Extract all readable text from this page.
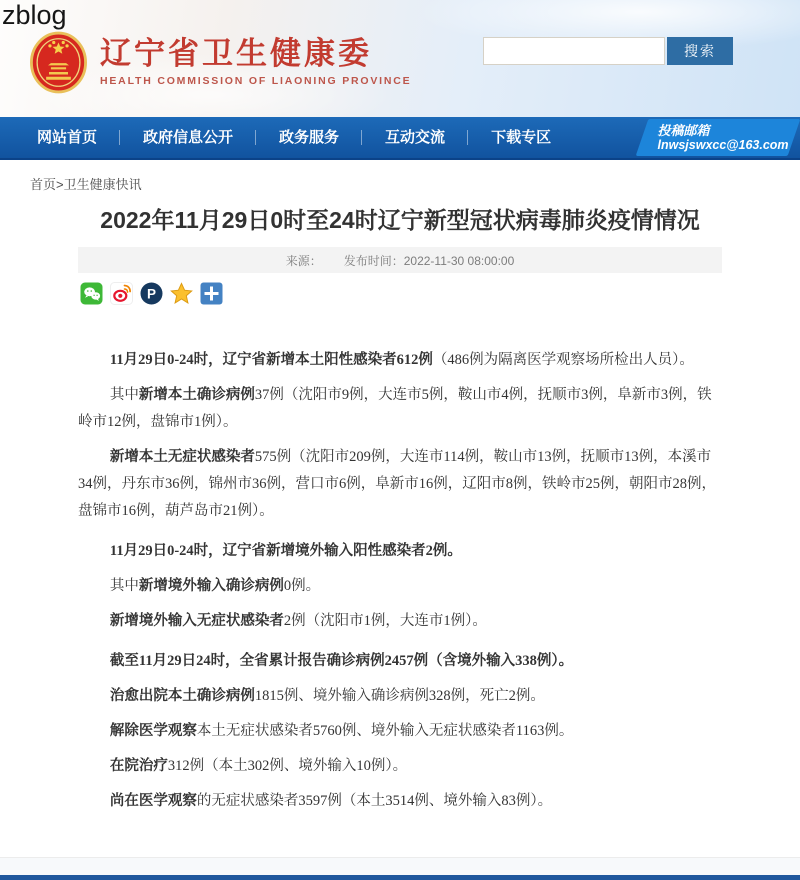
zblog
辽宁省卫生健康委
HEALTH COMMISSION OF LIAONING PROVINCE
搜索
网站首页	政府信息公开	政务服务	互动交流	下载专区	投稿邮箱
lnwsjswxcc@163.com
首页>卫生健康快讯
2022年11月29日0时至24时辽宁新型冠状病毒肺炎疫情情况
来源： 发布时间：2022-11-30 08:00:00
P

11月29日0-24时，辽宁省新增本土阳性感染者612例（486例为隔离医学观察场所检出人员）。

其中新增本土确诊病例37例（沈阳市9例，大连市5例，鞍山市4例，抚顺市3例，阜新市3例，铁岭市12例，盘锦市1例）。

新增本土无症状感染者575例（沈阳市209例，大连市114例，鞍山市13例，抚顺市13例，本溪市34例，丹东市36例，锦州市36例，营口市6例，阜新市16例，辽阳市8例，铁岭市25例，朝阳市28例，盘锦市16例，葫芦岛市21例）。

11月29日0-24时，辽宁省新增境外输入阳性感染者2例。

其中新增境外输入确诊病例0例。

新增境外输入无症状感染者2例（沈阳市1例，大连市1例）。

截至11月29日24时，全省累计报告确诊病例2457例（含境外输入338例）。

治愈出院本土确诊病例1815例、境外输入确诊病例328例，死亡2例。

解除医学观察本土无症状感染者5760例、境外输入无症状感染者1163例。

在院治疗312例（本土302例、境外输入10例）。

尚在医学观察的无症状感染者3597例（本土3514例、境外输入83例）。
